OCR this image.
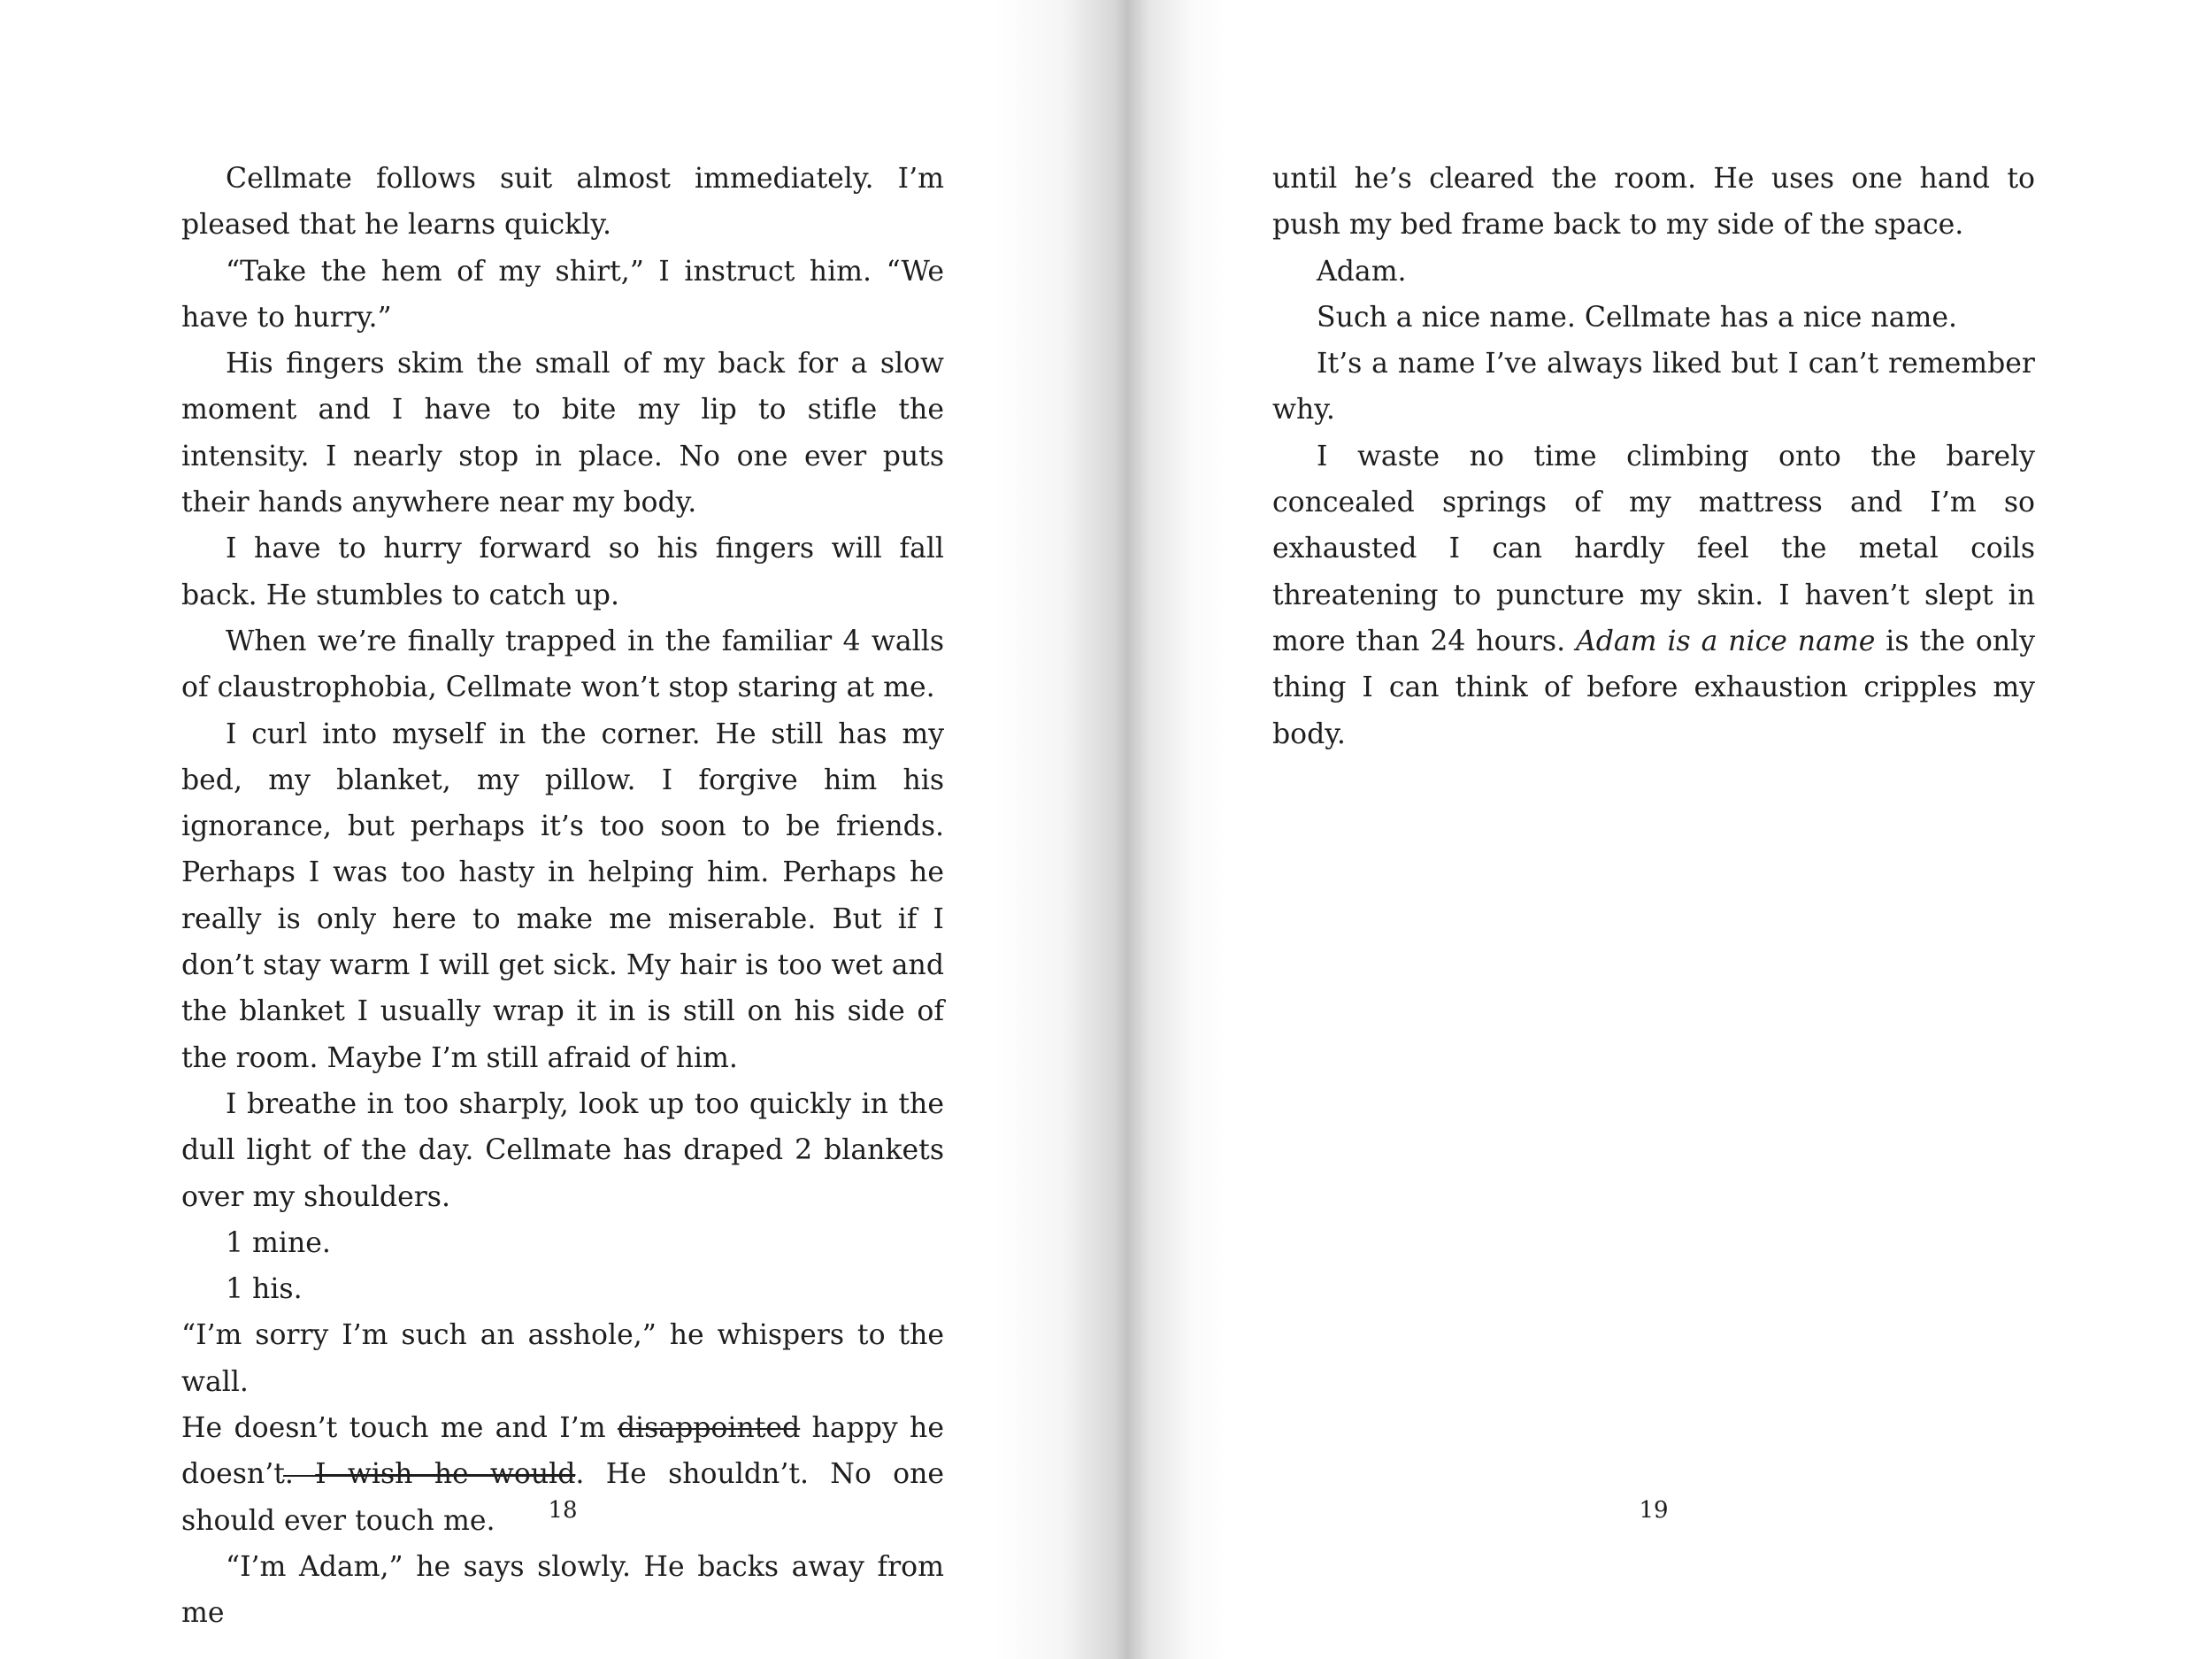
Cellmate follows suit almost immediately. I’m pleased that he learns quickly.

“Take the hem of my shirt,” I instruct him. “We have to hurry.”

His fingers skim the small of my back for a slow moment and I have to bite my lip to stifle the intensity. I nearly stop in place. No one ever puts their hands anywhere near my body.

I have to hurry forward so his fingers will fall back. He stumbles to catch up.

When we’re finally trapped in the familiar 4 walls of claustrophobia, Cellmate won’t stop staring at me.

I curl into myself in the corner. He still has my bed, my blanket, my pillow. I forgive him his ignorance, but perhaps it’s too soon to be friends. Perhaps I was too hasty in helping him. Perhaps he really is only here to make me miserable. But if I don’t stay warm I will get sick. My hair is too wet and the blanket I usually wrap it in is still on his side of the room. Maybe I’m still afraid of him.

I breathe in too sharply, look up too quickly in the dull light of the day. Cellmate has draped 2 blankets over my shoulders.

1 mine.

1 his.

“I’m sorry I’m such an asshole,” he whispers to the wall.

He doesn’t touch me and I’m disappointed happy he doesn’t. I wish he would. He shouldn’t. No one should ever touch me.

“I’m Adam,” he says slowly. He backs away from me

18

until he’s cleared the room. He uses one hand to push my bed frame back to my side of the space.

Adam.

Such a nice name. Cellmate has a nice name.

It’s a name I’ve always liked but I can’t remember why.

I waste no time climbing onto the barely concealed springs of my mattress and I’m so exhausted I can hardly feel the metal coils threatening to puncture my skin. I haven’t slept in more than 24 hours. Adam is a nice name is the only thing I can think of before exhaustion cripples my body.

19
